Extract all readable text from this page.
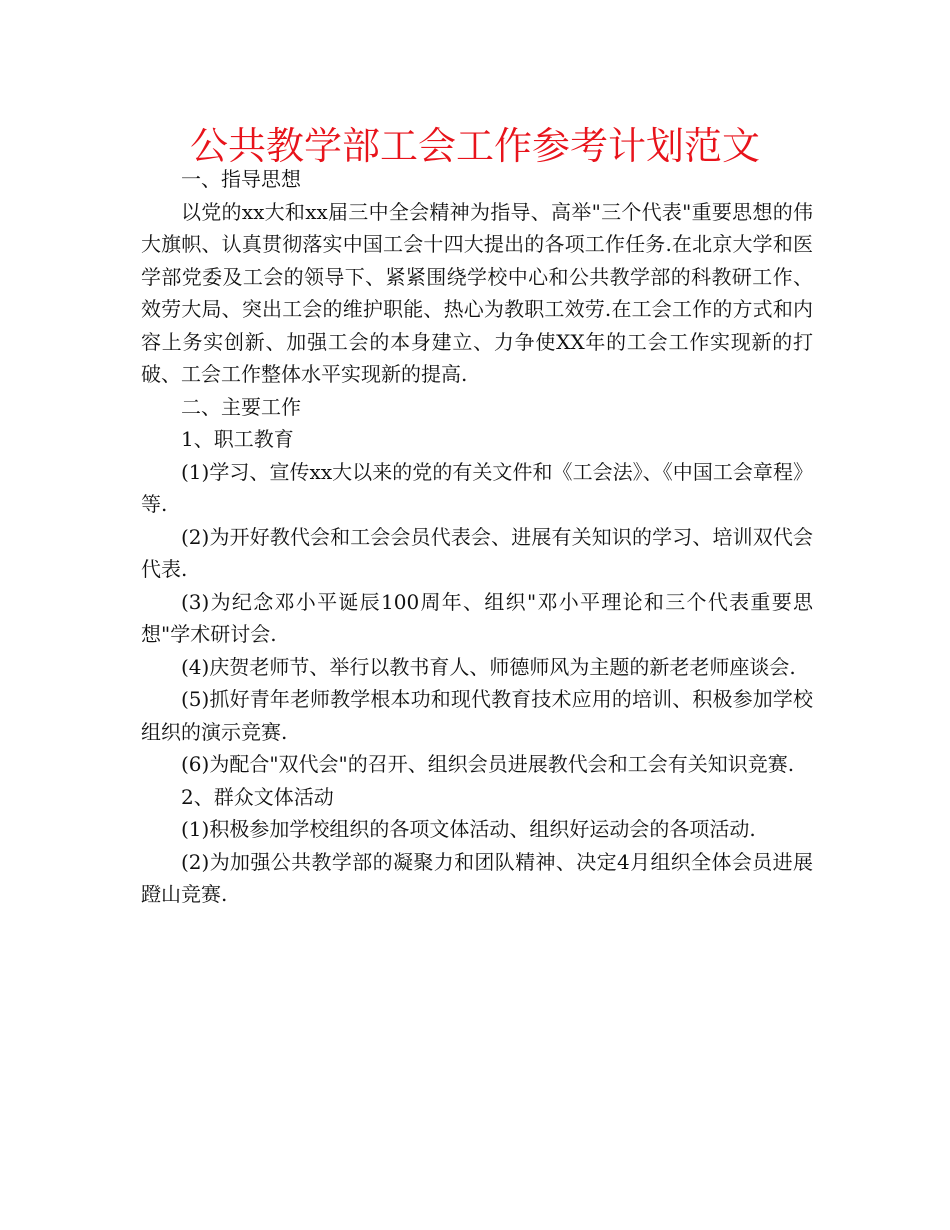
公共教学部工会工作参考计划范文

一、指导思想

以党的xx大和xx届三中全会精神为指导、高举"三个代表"重要思想的伟大旗帜、认真贯彻落实中国工会十四大提出的各项工作任务.在北京大学和医学部党委及工会的领导下、紧紧围绕学校中心和公共教学部的科教研工作、效劳大局、突出工会的维护职能、热心为教职工效劳.在工会工作的方式和内容上务实创新、加强工会的本身建立、力争使XX年的工会工作实现新的打破、工会工作整体水平实现新的提高.

二、主要工作

1、职工教育

(1)学习、宣传xx大以来的党的有关文件和《工会法》、《中国工会章程》等.

(2)为开好教代会和工会会员代表会、进展有关知识的学习、培训双代会代表.

(3)为纪念邓小平诞辰100周年、组织"邓小平理论和三个代表重要思想"学术研讨会.

(4)庆贺老师节、举行以教书育人、师德师风为主题的新老老师座谈会.

(5)抓好青年老师教学根本功和现代教育技术应用的培训、积极参加学校组织的演示竞赛.

(6)为配合"双代会"的召开、组织会员进展教代会和工会有关知识竞赛.

2、群众文体活动

(1)积极参加学校组织的各项文体活动、组织好运动会的各项活动.

(2)为加强公共教学部的凝聚力和团队精神、决定4月组织全体会员进展蹬山竞赛.
